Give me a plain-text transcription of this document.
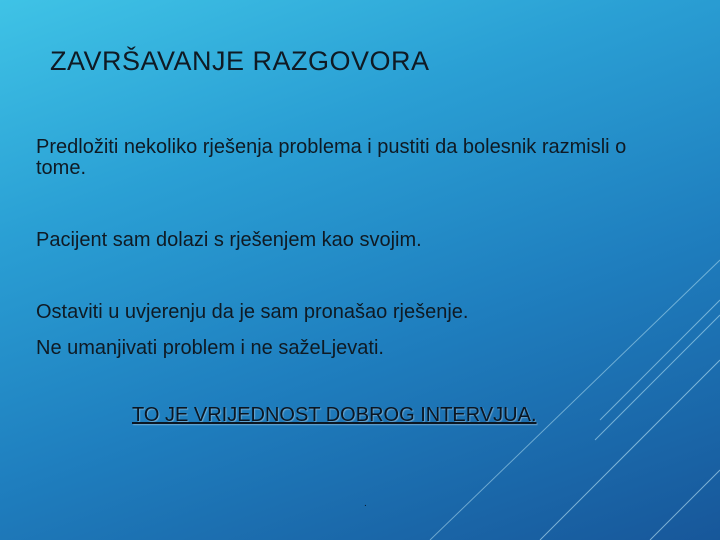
ZAVRŠAVANJE RAZGOVORA

Predložiti nekoliko rješenja problema i pustiti da bolesnik razmisli o tome.

Pacijent sam dolazi s rješenjem kao svojim.

Ostaviti u uvjerenju da je sam pronašao rješenje.

Ne umanjivati problem i ne sažeLjevati.

TO JE VRIJEDNOST DOBROG INTERVJUA.
.
